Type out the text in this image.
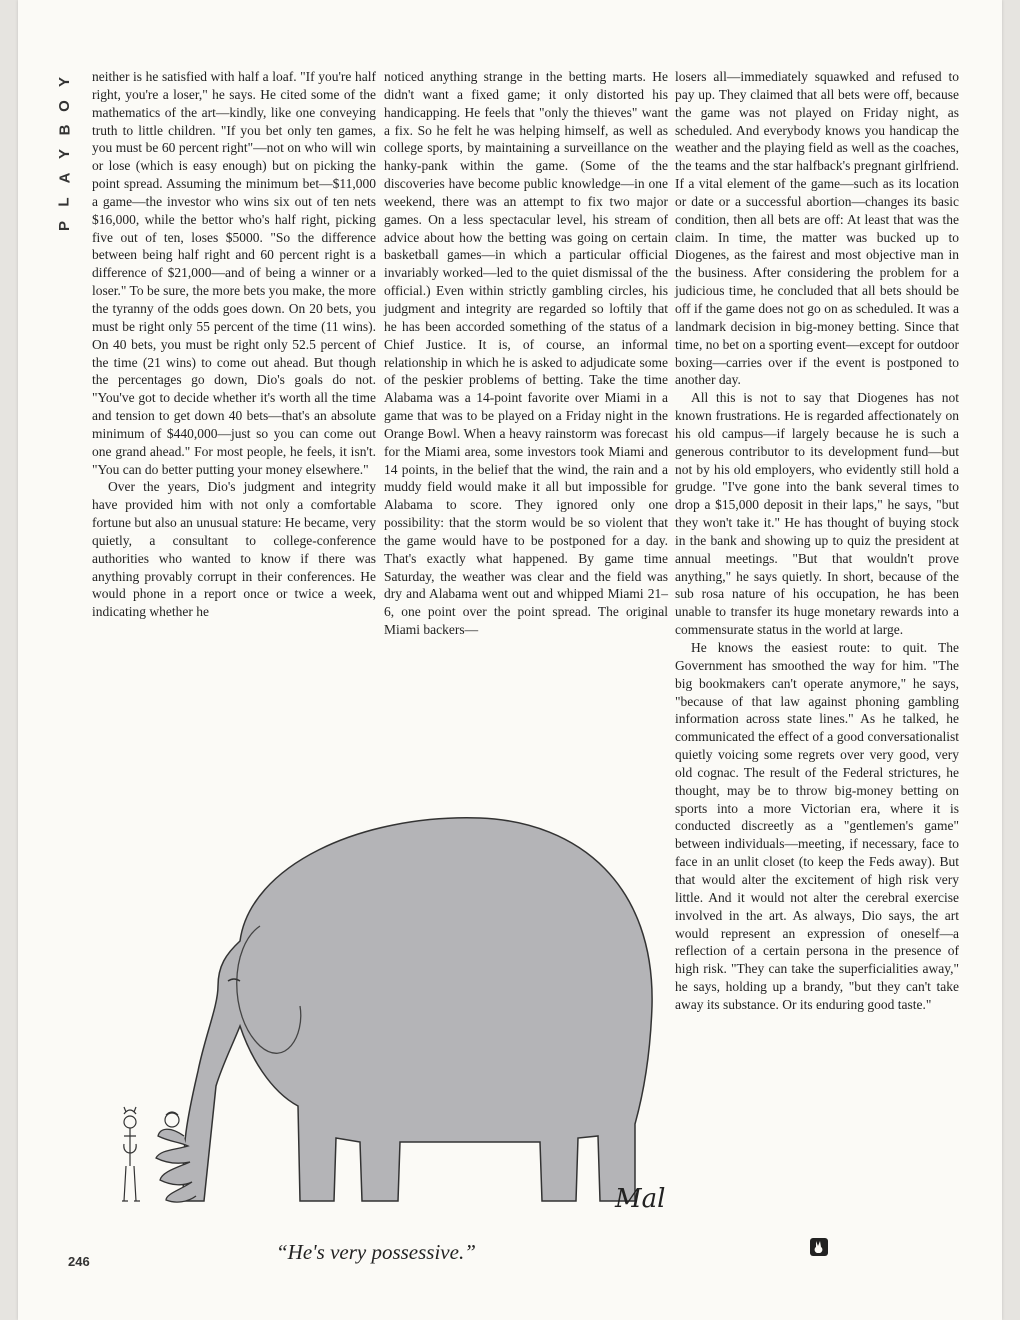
Y
O
B
Y
A
L
P

neither is he satisfied with half a loaf. "If you're half right, you're a loser," he says. He cited some of the mathematics of the art—kindly, like one conveying truth to little children. "If you bet only ten games, you must be 60 percent right"—not on who will win or lose (which is easy enough) but on picking the point spread. Assuming the minimum bet—$11,000 a game—the investor who wins six out of ten nets $16,000, while the bettor who's half right, picking five out of ten, loses $5000. "So the difference between being half right and 60 percent right is a difference of $21,000—and of being a winner or a loser." To be sure, the more bets you make, the more the tyranny of the odds goes down. On 20 bets, you must be right only 55 percent of the time (11 wins). On 40 bets, you must be right only 52.5 percent of the time (21 wins) to come out ahead. But though the percentages go down, Dio's goals do not. "You've got to decide whether it's worth all the time and tension to get down 40 bets—that's an absolute minimum of $440,000—just so you can come out one grand ahead." For most people, he feels, it isn't. "You can do better putting your money elsewhere."

Over the years, Dio's judgment and integrity have provided him with not only a comfortable fortune but also an unusual stature: He became, very quietly, a consultant to college-conference authorities who wanted to know if there was anything provably corrupt in their conferences. He would phone in a report once or twice a week, indicating whether he

noticed anything strange in the betting marts. He didn't want a fixed game; it only distorted his handicapping. He feels that "only the thieves" want a fix. So he felt he was helping himself, as well as college sports, by maintaining a surveillance on the hanky-pank within the game. (Some of the discoveries have become public knowledge—in one weekend, there was an attempt to fix two major games. On a less spectacular level, his stream of advice about how the betting was going on certain basketball games—in which a particular official invariably worked—led to the quiet dismissal of the official.) Even within strictly gambling circles, his judgment and integrity are regarded so loftily that he has been accorded something of the status of a Chief Justice. It is, of course, an informal relationship in which he is asked to adjudicate some of the peskier problems of betting. Take the time Alabama was a 14-point favorite over Miami in a game that was to be played on a Friday night in the Orange Bowl. When a heavy rainstorm was forecast for the Miami area, some investors took Miami and 14 points, in the belief that the wind, the rain and a muddy field would make it all but impossible for Alabama to score. They ignored only one possibility: that the storm would be so violent that the game would have to be postponed for a day. That's exactly what happened. By game time Saturday, the weather was clear and the field was dry and Alabama went out and whipped Miami 21–6, one point over the point spread. The original Miami backers—

losers all—immediately squawked and refused to pay up. They claimed that all bets were off, because the game was not played on Friday night, as scheduled. And everybody knows you handicap the weather and the playing field as well as the coaches, the teams and the star halfback's pregnant girlfriend. If a vital element of the game—such as its location or date or a successful abortion—changes its basic condition, then all bets are off: At least that was the claim. In time, the matter was bucked up to Diogenes, as the fairest and most objective man in the business. After considering the problem for a judicious time, he concluded that all bets should be off if the game does not go on as scheduled. It was a landmark decision in big-money betting. Since that time, no bet on a sporting event—except for outdoor boxing—carries over if the event is postponed to another day.

All this is not to say that Diogenes has not known frustrations. He is regarded affectionately on his old campus—if largely because he is such a generous contributor to its development fund—but not by his old employers, who evidently still hold a grudge. "I've gone into the bank several times to drop a $15,000 deposit in their laps," he says, "but they won't take it." He has thought of buying stock in the bank and showing up to quiz the president at annual meetings. "But that wouldn't prove anything," he says quietly. In short, because of the sub rosa nature of his occupation, he has been unable to transfer its huge monetary rewards into a commensurate status in the world at large.

He knows the easiest route: to quit. The Government has smoothed the way for him. "The big bookmakers can't operate anymore," he says, "because of that law against phoning gambling information across state lines." As he talked, he communicated the effect of a good conversationalist quietly voicing some regrets over very good, very old cognac. The result of the Federal strictures, he thought, may be to throw big-money betting on sports into a more Victorian era, where it is conducted discreetly as a "gentlemen's game" between individuals—meeting, if necessary, face to face in an unlit closet (to keep the Feds away). But that would alter the excitement of high risk very little. And it would not alter the cerebral exercise involved in the art. As always, Dio says, the art would represent an expression of oneself—a reflection of a certain persona in the presence of high risk. "They can take the superficialities away," he says, holding up a brandy, "but they can't take away its substance. Or its enduring good taste."

Mal
“He's very possessive.”
246
